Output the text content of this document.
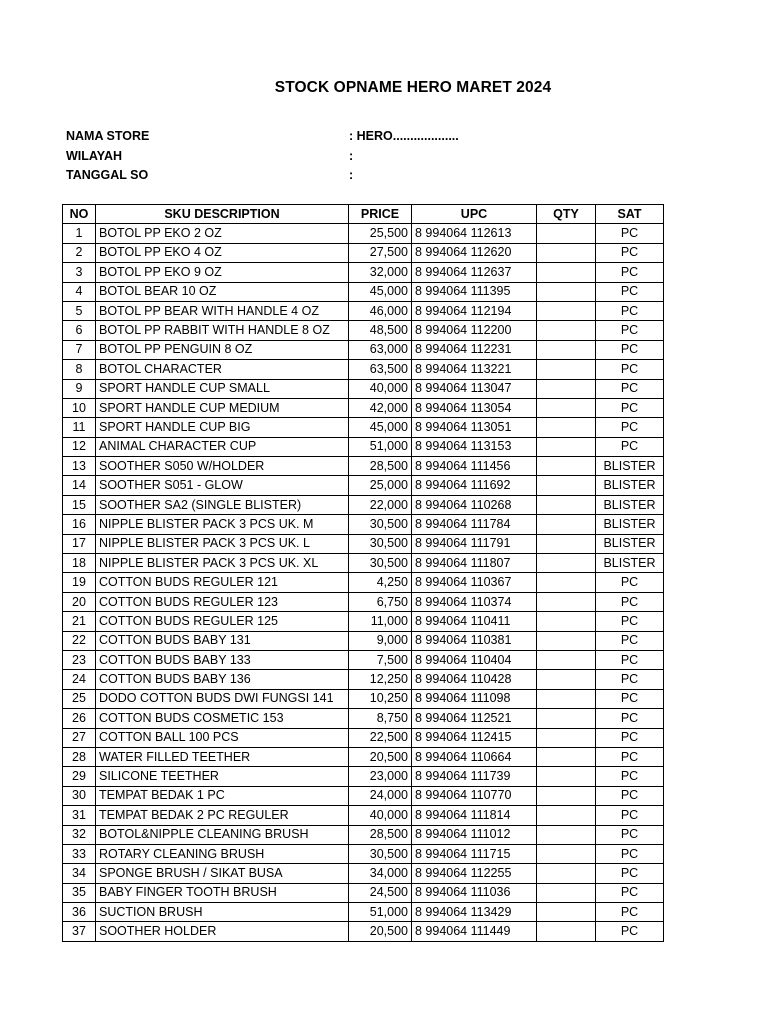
STOCK OPNAME HERO MARET 2024
NAMA STORE	: HERO...................
WILAYAH	:
TANGGAL SO	:
NO	SKU DESCRIPTION	PRICE	UPC	QTY	SAT
1	BOTOL PP EKO 2 OZ	25,500	8 994064 112613		PC
2	BOTOL PP EKO 4 OZ	27,500	8 994064 112620		PC
3	BOTOL PP EKO 9 OZ	32,000	8 994064 112637		PC
4	BOTOL BEAR 10 OZ	45,000	8 994064 111395		PC
5	BOTOL PP BEAR WITH HANDLE 4 OZ	46,000	8 994064 112194		PC
6	BOTOL PP RABBIT WITH HANDLE 8 OZ	48,500	8 994064 112200		PC
7	BOTOL PP PENGUIN 8 OZ	63,000	8 994064 112231		PC
8	BOTOL CHARACTER	63,500	8 994064 113221		PC
9	SPORT HANDLE CUP SMALL	40,000	8 994064 113047		PC
10	SPORT HANDLE CUP MEDIUM	42,000	8 994064 113054		PC
11	SPORT HANDLE CUP BIG	45,000	8 994064 113051		PC
12	ANIMAL CHARACTER CUP	51,000	8 994064 113153		PC
13	SOOTHER S050 W/HOLDER	28,500	8 994064 111456		BLISTER
14	SOOTHER S051 - GLOW	25,000	8 994064 111692		BLISTER
15	SOOTHER SA2 (SINGLE BLISTER)	22,000	8 994064 110268		BLISTER
16	NIPPLE BLISTER PACK 3 PCS UK. M	30,500	8 994064 111784		BLISTER
17	NIPPLE BLISTER PACK 3 PCS UK. L	30,500	8 994064 111791		BLISTER
18	NIPPLE BLISTER PACK 3 PCS UK. XL	30,500	8 994064 111807		BLISTER
19	COTTON BUDS REGULER 121	4,250	8 994064 110367		PC
20	COTTON BUDS REGULER 123	6,750	8 994064 110374		PC
21	COTTON BUDS REGULER 125	11,000	8 994064 110411		PC
22	COTTON BUDS BABY 131	9,000	8 994064 110381		PC
23	COTTON BUDS BABY 133	7,500	8 994064 110404		PC
24	COTTON BUDS BABY 136	12,250	8 994064 110428		PC
25	DODO COTTON BUDS DWI FUNGSI 141	10,250	8 994064 111098		PC
26	COTTON BUDS COSMETIC 153	8,750	8 994064 112521		PC
27	COTTON BALL 100 PCS	22,500	8 994064 112415		PC
28	WATER FILLED TEETHER	20,500	8 994064 110664		PC
29	SILICONE TEETHER	23,000	8 994064 111739		PC
30	TEMPAT BEDAK 1 PC	24,000	8 994064 110770		PC
31	TEMPAT BEDAK 2 PC REGULER	40,000	8 994064 111814		PC
32	BOTOL&NIPPLE CLEANING BRUSH	28,500	8 994064 111012		PC
33	ROTARY CLEANING BRUSH	30,500	8 994064 111715		PC
34	SPONGE BRUSH / SIKAT BUSA	34,000	8 994064 112255		PC
35	BABY FINGER TOOTH BRUSH	24,500	8 994064 111036		PC
36	SUCTION BRUSH	51,000	8 994064 113429		PC
37	SOOTHER HOLDER	20,500	8 994064 111449		PC
